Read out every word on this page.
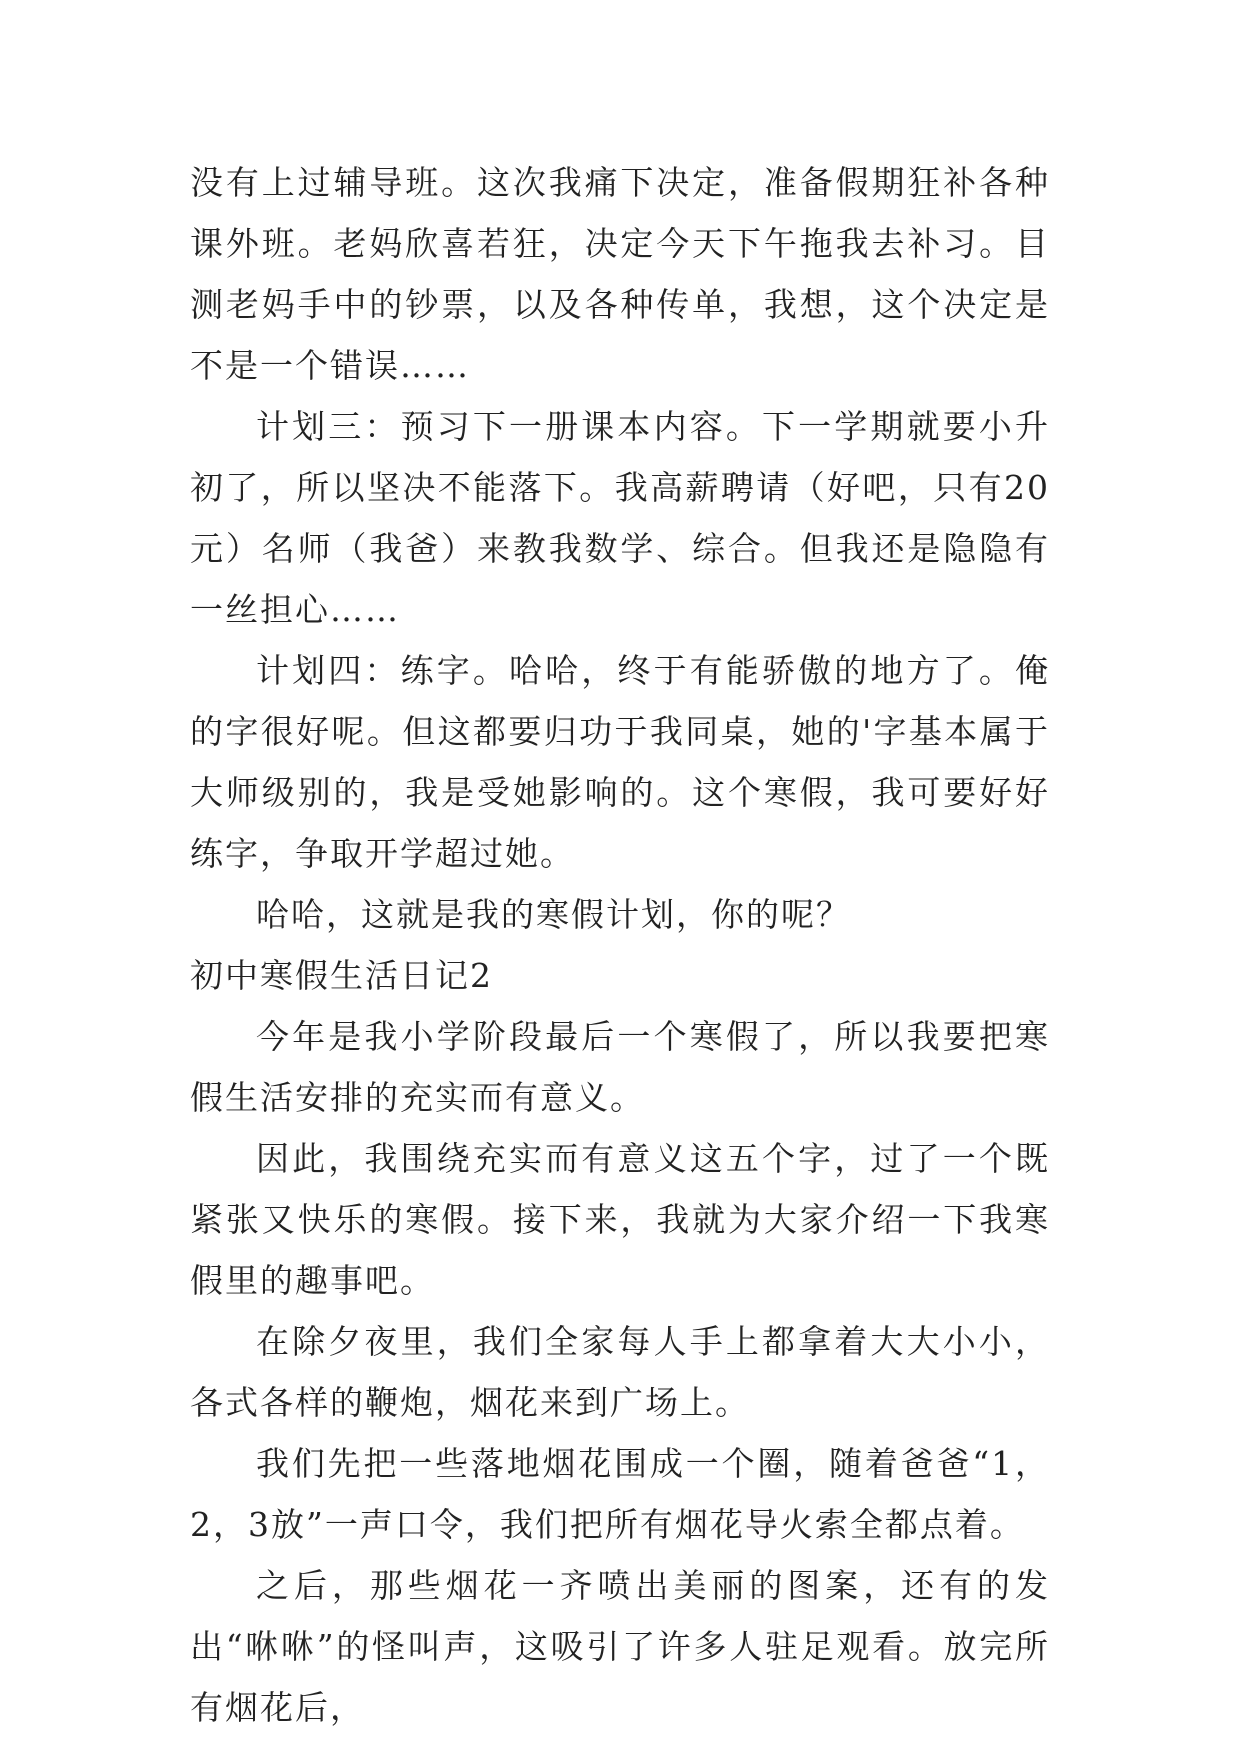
没有上过辅导班。这次我痛下决定，准备假期狂补各种课外班。老妈欣喜若狂，决定今天下午拖我去补习。目测老妈手中的钞票，以及各种传单，我想，这个决定是不是一个错误……

计划三：预习下一册课本内容。下一学期就要小升初了，所以坚决不能落下。我高薪聘请（好吧，只有20元）名师（我爸）来教我数学、综合。但我还是隐隐有一丝担心……

计划四：练字。哈哈，终于有能骄傲的地方了。俺的字很好呢。但这都要归功于我同桌，她的'字基本属于大师级别的，我是受她影响的。这个寒假，我可要好好练字，争取开学超过她。

哈哈，这就是我的寒假计划，你的呢？

初中寒假生活日记2

今年是我小学阶段最后一个寒假了，所以我要把寒假生活安排的充实而有意义。

因此，我围绕充实而有意义这五个字，过了一个既紧张又快乐的寒假。接下来，我就为大家介绍一下我寒假里的趣事吧。

在除夕夜里，我们全家每人手上都拿着大大小小，各式各样的鞭炮，烟花来到广场上。

我们先把一些落地烟花围成一个圈，随着爸爸“1，2，3放”一声口令，我们把所有烟花导火索全都点着。

之后，那些烟花一齐喷出美丽的图案，还有的发出“咻咻”的怪叫声，这吸引了许多人驻足观看。放完所有烟花后，
